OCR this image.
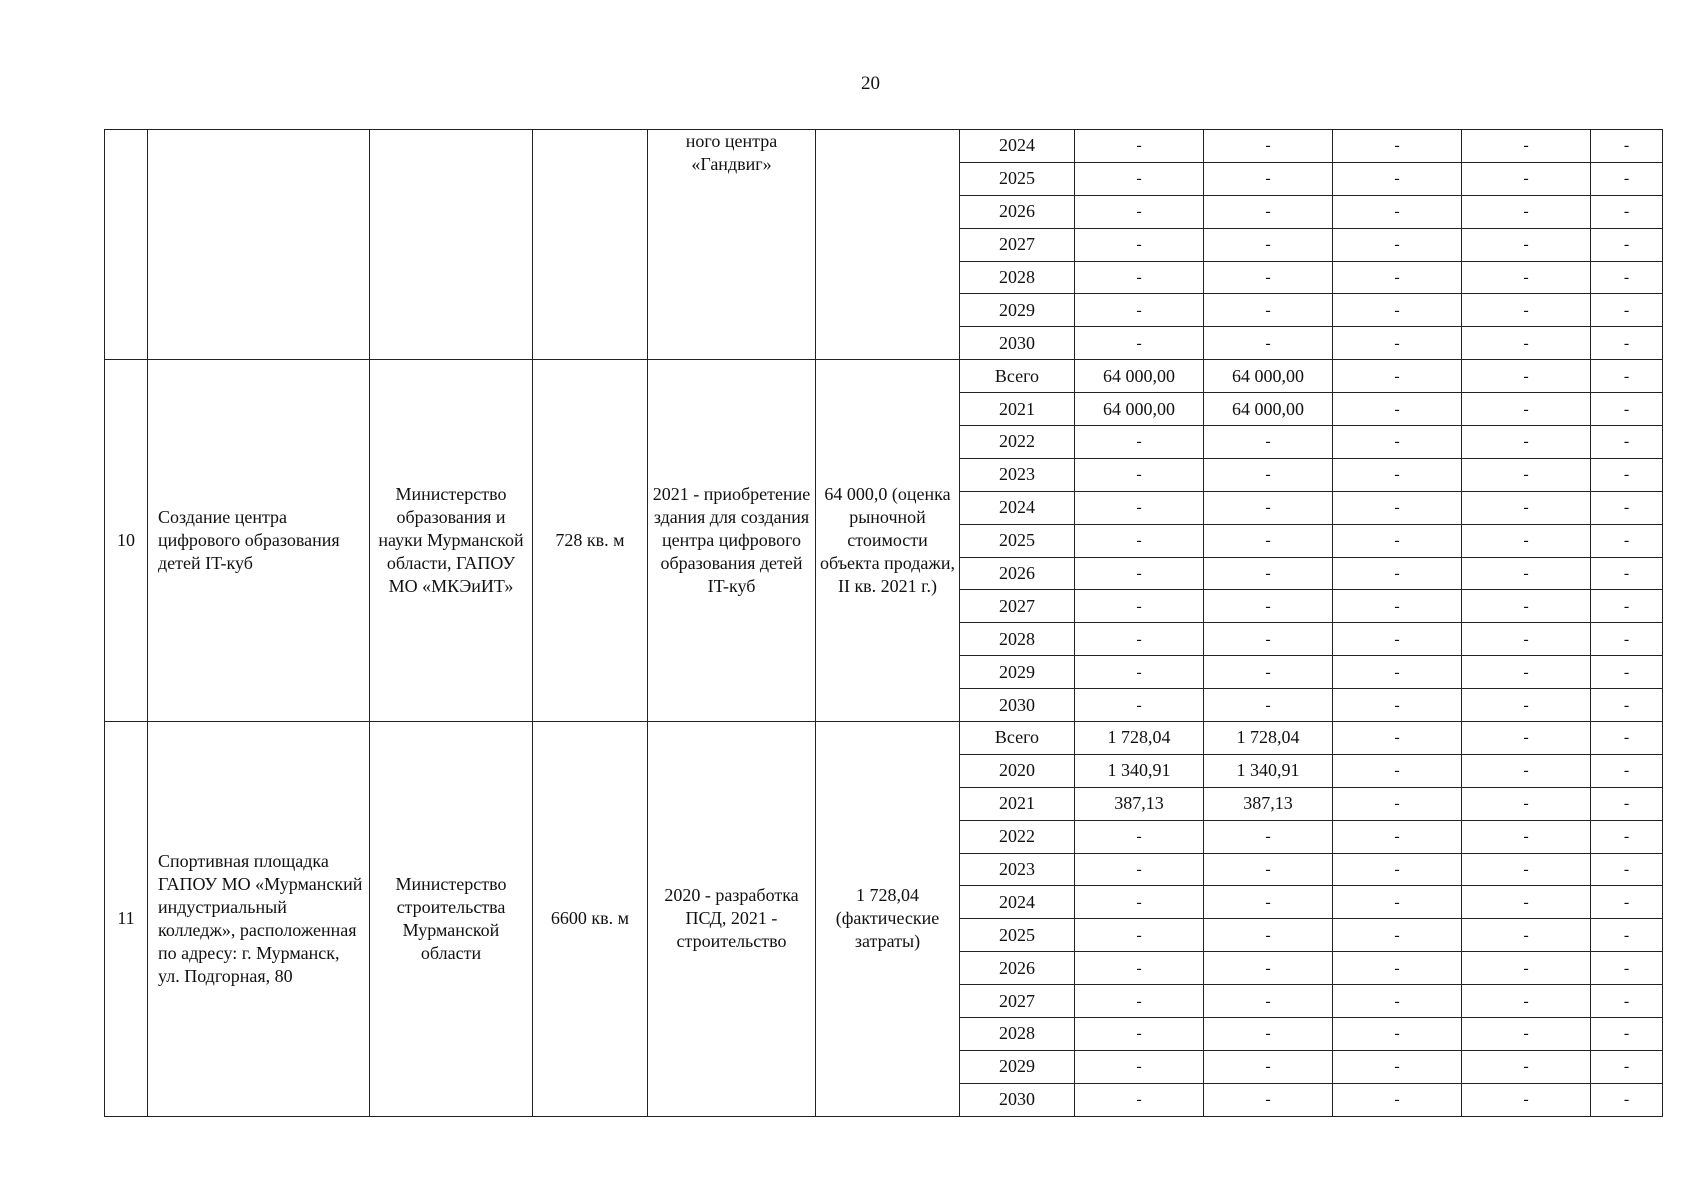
20
				ного центра «Гандвиг»		2024	-	-	-	-	-
						2025	-	-	-	-	-
						2026	-	-	-	-	-
						2027	-	-	-	-	-
						2028	-	-	-	-	-
						2029	-	-	-	-	-
						2030	-	-	-	-	-
10	Создание центра цифрового образования детей IT-куб	Министерство образования и науки Мурманской области, ГАПОУ МО «МКЭиИТ»	728 кв. м	2021 - приобретение здания для создания центра цифрового образования детей IT-куб	64 000,0 (оценка рыночной стоимости объекта продажи, II кв. 2021 г.)	Всего	64 000,00	64 000,00	-	-	-
						2021	64 000,00	64 000,00	-	-	-
						2022	-	-	-	-	-
						2023	-	-	-	-	-
						2024	-	-	-	-	-
						2025	-	-	-	-	-
						2026	-	-	-	-	-
						2027	-	-	-	-	-
						2028	-	-	-	-	-
						2029	-	-	-	-	-
						2030	-	-	-	-	-
11	Спортивная площадка ГАПОУ МО «Мурманский индустриальный колледж», расположенная по адресу: г. Мурманск, ул. Подгорная, 80	Министерство строительства Мурманской области	6600 кв. м	2020 - разработка ПСД, 2021 - строительство	1 728,04 (фактические затраты)	Всего	1 728,04	1 728,04	-	-	-
						2020	1 340,91	1 340,91	-	-	-
						2021	387,13	387,13	-	-	-
						2022	-	-	-	-	-
						2023	-	-	-	-	-
						2024	-	-	-	-	-
						2025	-	-	-	-	-
						2026	-	-	-	-	-
						2027	-	-	-	-	-
						2028	-	-	-	-	-
						2029	-	-	-	-	-
						2030	-	-	-	-	-
